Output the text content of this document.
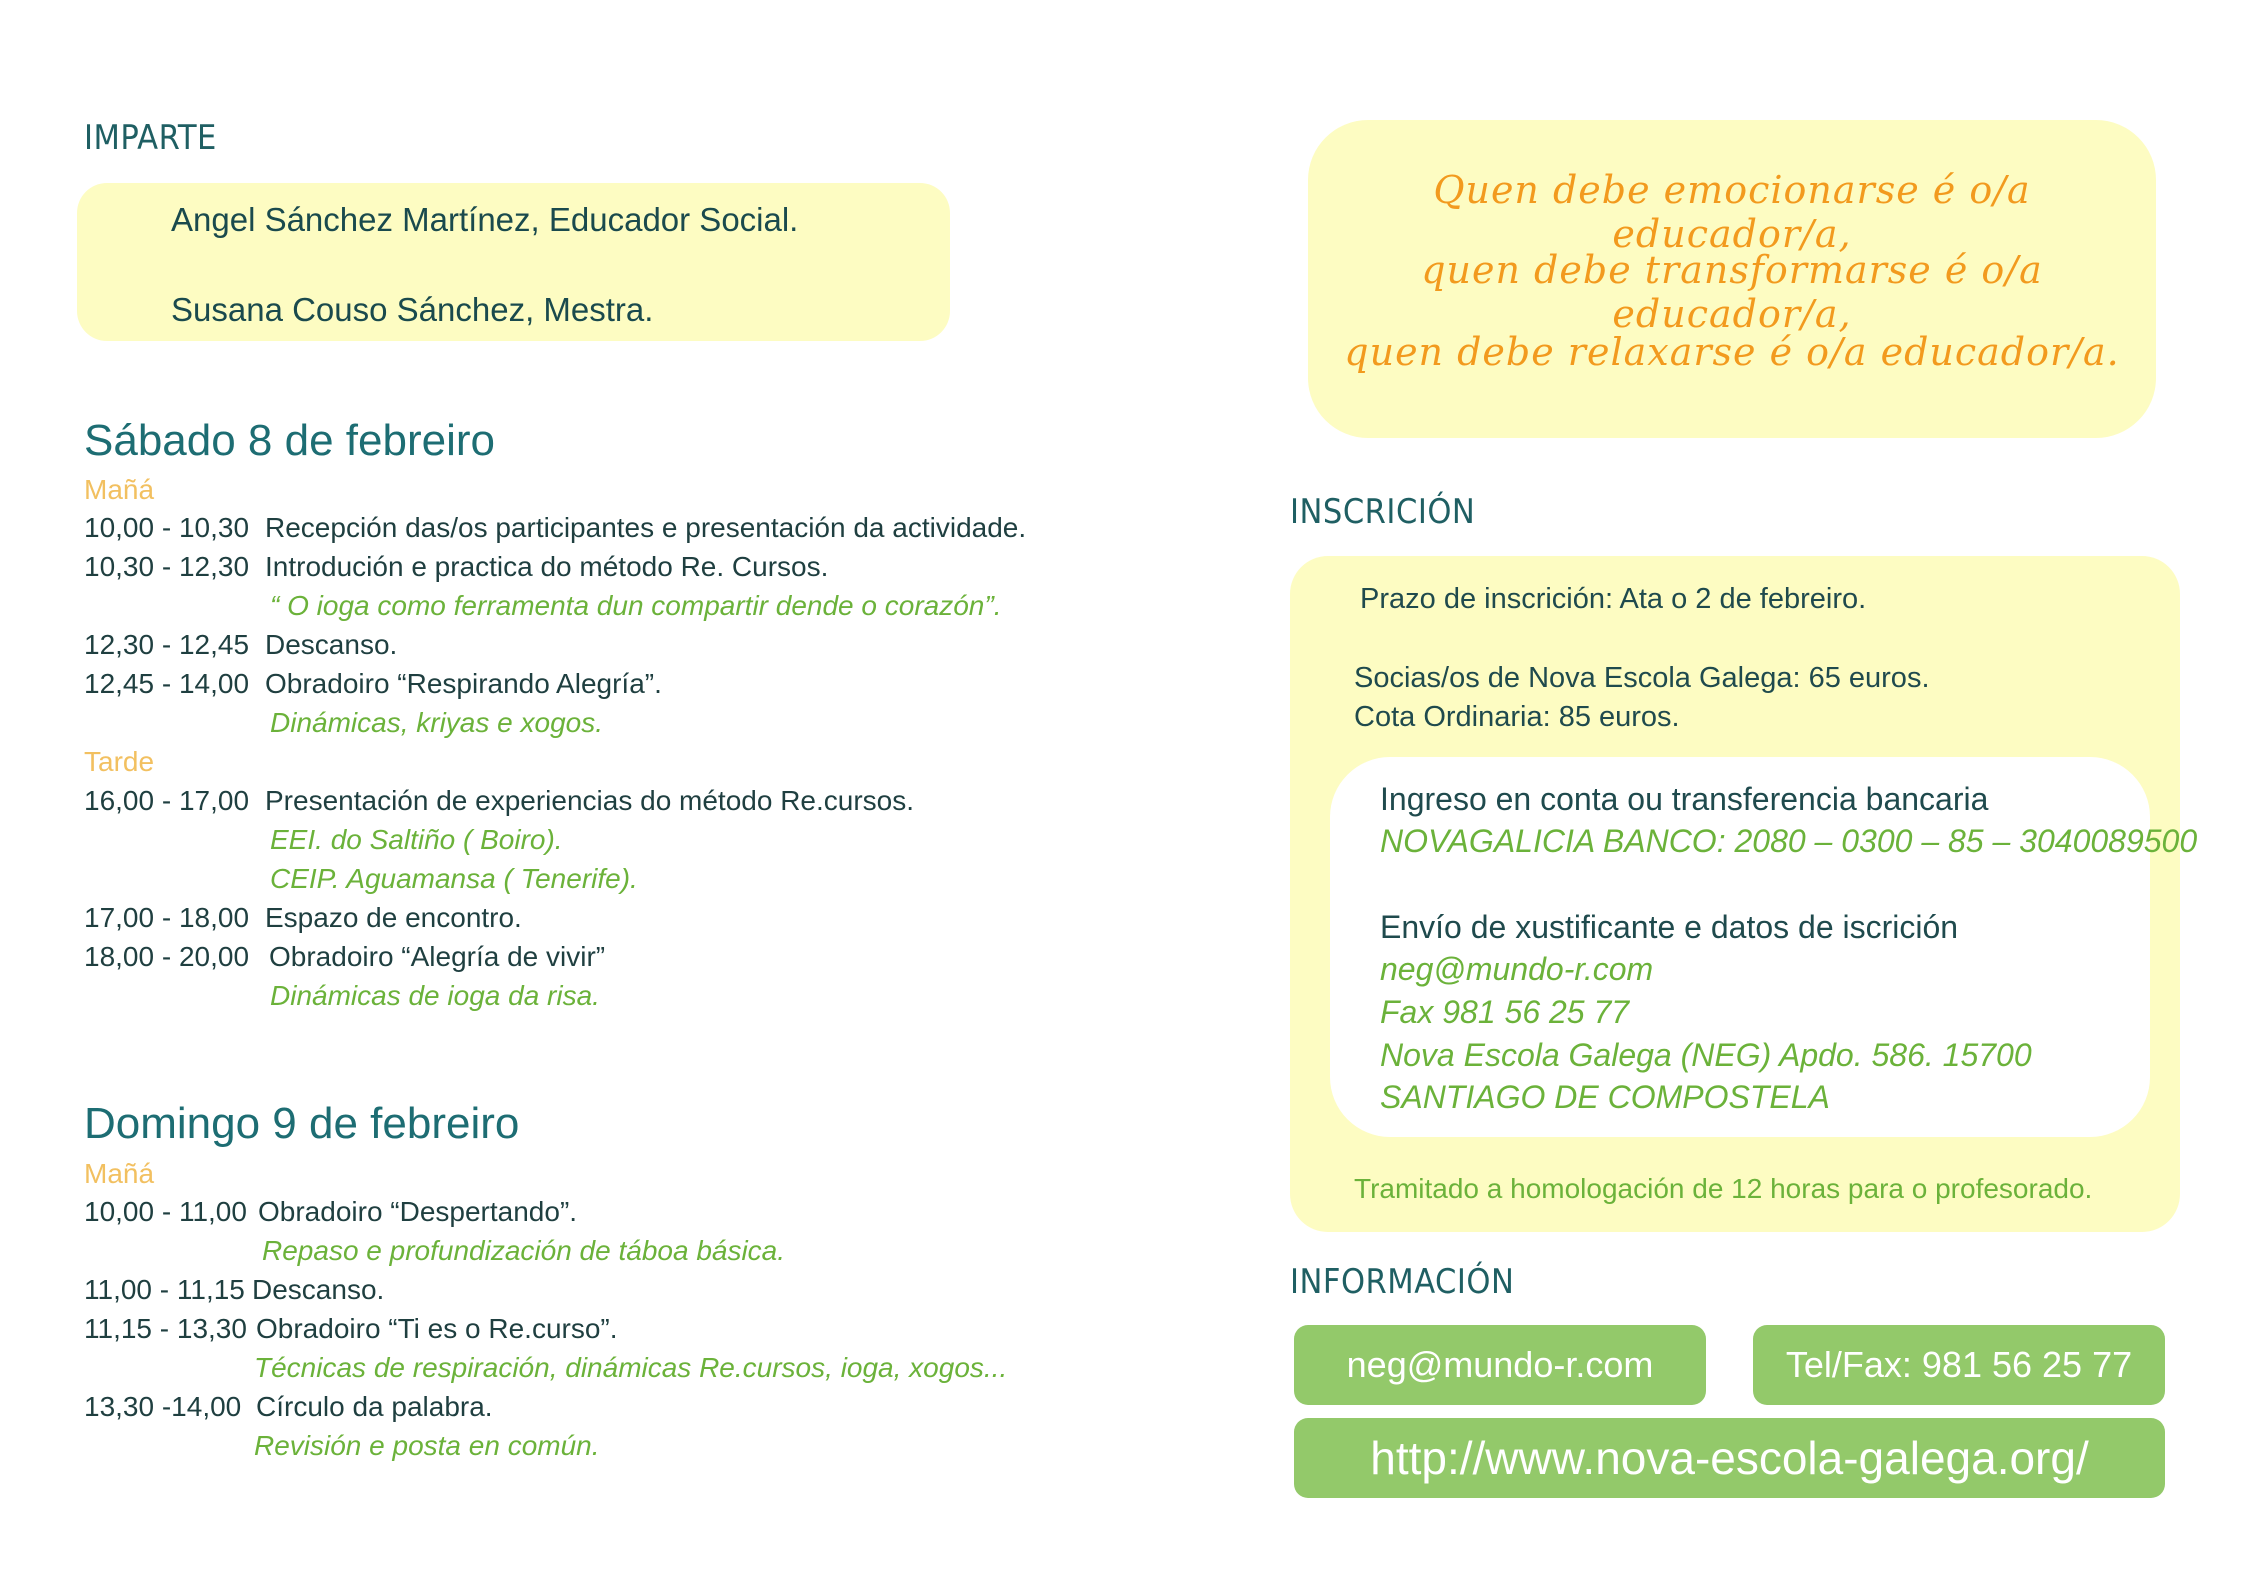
IMPARTE
Angel Sánchez Martínez, Educador Social.
Susana Couso Sánchez, Mestra.
Sábado 8 de febreiro
Mañá
10,00 - 10,30 Recepción das/os participantes e presentación da actividade.
10,30 - 12,30 Introdución e practica do método Re. Cursos.
“ O ioga como ferramenta dun compartir dende o corazón”.
12,30 - 12,45 Descanso.
12,45 - 14,00 Obradoiro “Respirando Alegría”.
Dinámicas, kriyas e xogos.
Tarde
16,00 - 17,00 Presentación de experiencias do método Re.cursos.
EEI. do Saltiño ( Boiro).
CEIP. Aguamansa ( Tenerife).
17,00 - 18,00 Espazo de encontro.
18,00 - 20,00 Obradoiro “Alegría de vivir”
Dinámicas de ioga da risa.
Domingo 9 de febreiro
Mañá
10,00 - 11,00 Obradoiro “Despertando”.
Repaso e profundización de táboa básica.
11,00 - 11,15 Descanso.
11,15 - 13,30 Obradoiro “Ti es o Re.curso”.
Técnicas de respiración, dinámicas Re.cursos, ioga, xogos...
13,30 -14,00 Círculo da palabra.
Revisión e posta en común.
Quen debe emocionarse é o/a educador/a,
quen debe transformarse é o/a educador/a,
quen debe relaxarse é o/a educador/a.
INSCRICIÓN
Prazo de inscrición: Ata o 2 de febreiro.
Socias/os de Nova Escola Galega: 65 euros.
Cota Ordinaria: 85 euros.
Tramitado a homologación de 12 horas para o profesorado.
Ingreso en conta ou transferencia bancaria
NOVAGALICIA BANCO: 2080 – 0300 – 85 – 3040089500
Envío de xustificante e datos de iscrición
neg@mundo-r.com
Fax 981 56 25 77
Nova Escola Galega (NEG) Apdo. 586. 15700
SANTIAGO DE COMPOSTELA
INFORMACIÓN
neg@mundo-r.com	Tel/Fax: 981 56 25 77
http://www.nova-escola-galega.org/
